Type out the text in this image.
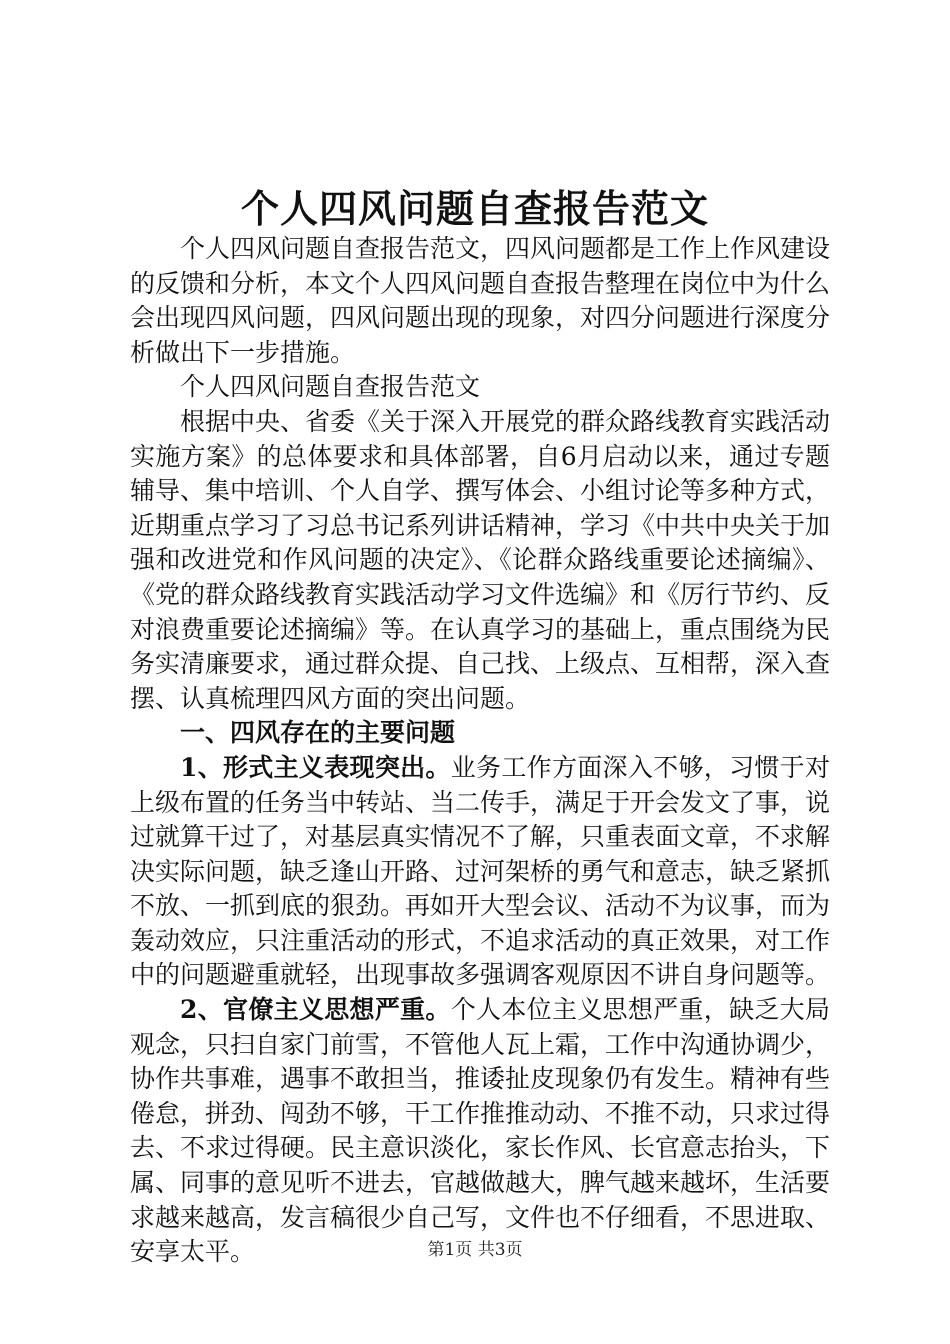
个人四风问题自查报告范文

个人四风问题自查报告范文，四风问题都是工作上作风建设的反馈和分析，本文个人四风问题自查报告整理在岗位中为什么会出现四风问题，四风问题出现的现象，对四分问题进行深度分析做出下一步措施。

个人四风问题自查报告范文

根据中央、省委《关于深入开展党的群众路线教育实践活动实施方案》的总体要求和具体部署，自6月启动以来，通过专题辅导、集中培训、个人自学、撰写体会、小组讨论等多种方式，近期重点学习了习总书记系列讲话精神，学习《中共中央关于加强和改进党和作风问题的决定》、《论群众路线重要论述摘编》、《党的群众路线教育实践活动学习文件选编》和《厉行节约、反对浪费重要论述摘编》等。在认真学习的基础上，重点围绕为民务实清廉要求，通过群众提、自己找、上级点、互相帮，深入查摆、认真梳理四风方面的突出问题。

一、四风存在的主要问题

1、形式主义表现突出。业务工作方面深入不够，习惯于对上级布置的任务当中转站、当二传手，满足于开会发文了事，说过就算干过了，对基层真实情况不了解，只重表面文章，不求解决实际问题，缺乏逢山开路、过河架桥的勇气和意志，缺乏紧抓不放、一抓到底的狠劲。再如开大型会议、活动不为议事，而为轰动效应，只注重活动的形式，不追求活动的真正效果，对工作中的问题避重就轻，出现事故多强调客观原因不讲自身问题等。

2、官僚主义思想严重。个人本位主义思想严重，缺乏大局观念，只扫自家门前雪，不管他人瓦上霜，工作中沟通协调少，协作共事难，遇事不敢担当，推诿扯皮现象仍有发生。精神有些倦怠，拼劲、闯劲不够，干工作推推动动、不推不动，只求过得去、不求过得硬。民主意识淡化，家长作风、长官意志抬头，下属、同事的意见听不进去，官越做越大，脾气越来越坏，生活要求越来越高，发言稿很少自己写，文件也不仔细看，不思进取、安享太平。	第1页 共3页
